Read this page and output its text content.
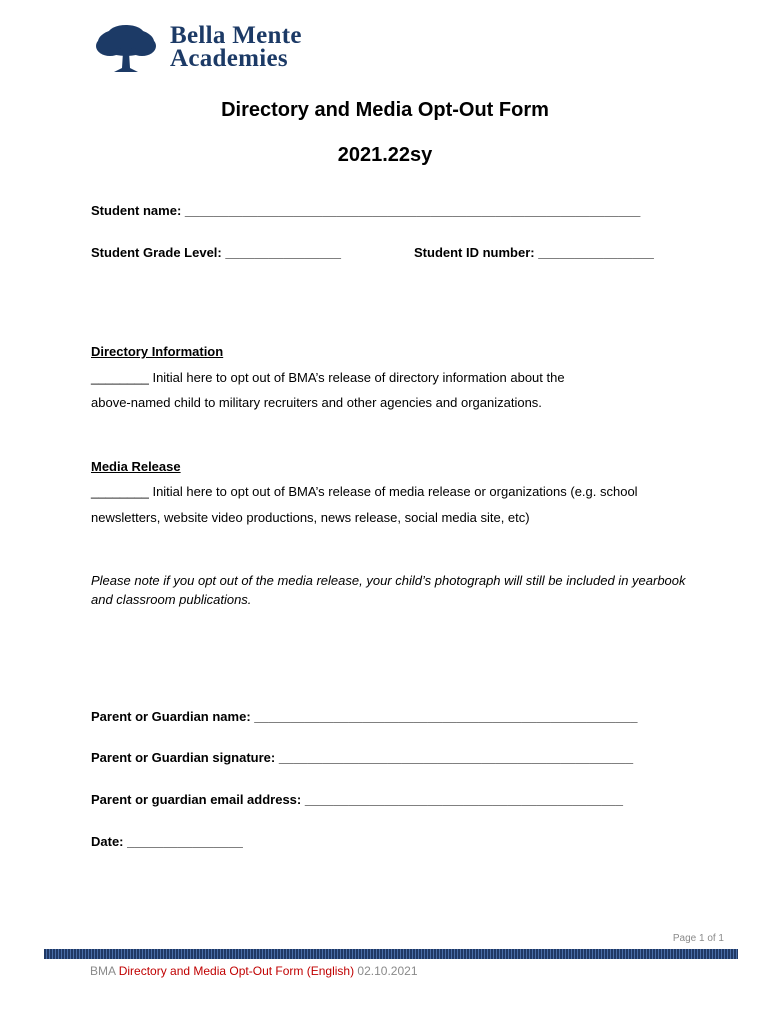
Bella Mente
Academies
Directory and Media Opt-Out Form
2021.22sy
Student name: _______________________________________________________________
Student Grade Level: ________________	Student ID number: ________________
Directory Information
________ Initial here to opt out of BMA’s release of directory information about the
above-named child to military recruiters and other agencies and organizations.
Media Release
________ Initial here to opt out of BMA’s release of media release or organizations (e.g. school
newsletters, website video productions, news release, social media site, etc)
Please note if you opt out of the media release, your child’s photograph will still be included in yearbook and classroom publications.
Parent or Guardian name: _____________________________________________________
Parent or Guardian signature: _________________________________________________
Parent or guardian email address: ____________________________________________
Date: ________________
Page 1 of 1
BMA Directory and Media Opt-Out Form (English) 02.10.2021
